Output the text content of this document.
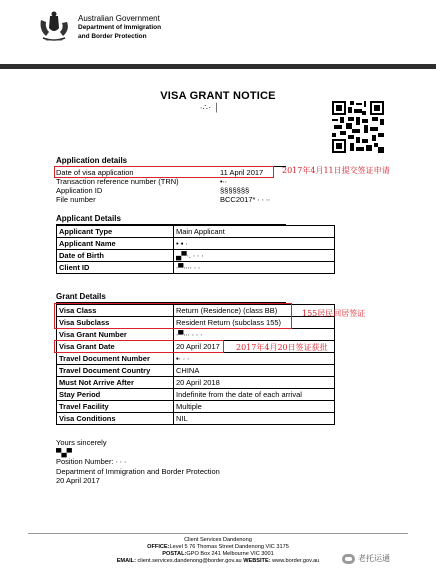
Australian Government
Department of Immigration
and Border Protection
VISA GRANT NOTICE
∙∴· │
Application details
Date of visa application	11 April 2017
Transaction reference number (TRN)	•∙∙
Application ID	§§§§§§§
File number	BCC2017* ∙ ∙ ∙∙
2017年4月11日提交签证申请
Applicant Details
Applicant Type	Main Applicant
Applicant Name	• ▪ ∙
Date of Birth	▄▀∙. ∙ ∙ ∙
Client ID	∙▀∙∙∙∙ ∙ ∙
Grant Details
Visa Class	Return (Residence) (class BB)
Visa Subclass	Resident Return (subclass 155)
Visa Grant Number	∙▀∙∙∙ ∙ ∙ ∙
Visa Grant Date	20 April 2017
Travel Document Number	▪∙ ∙ ∙
Travel Document Country	CHINA
Must Not Arrive After	20 April 2018
Stay Period	Indefinite from the date of each arrival
Travel Facility	Multiple
Visa Conditions	NIL
155居民回居签证
2017年4月20日签证获批
Yours sincerely
▀▄▀
Position Number: ∙ ∙ ∙
Department of Immigration and Border Protection
20 April 2017
Client Services Dandenong
OFFICE:Level 5 76 Thomas Street Dandenong VIC 3175
POSTAL:GPO Box 241 Melbourne VIC 3001
EMAIL: client.services.dandenong@border.gov.au WEBSITE: www.border.gov.au	老托运通
